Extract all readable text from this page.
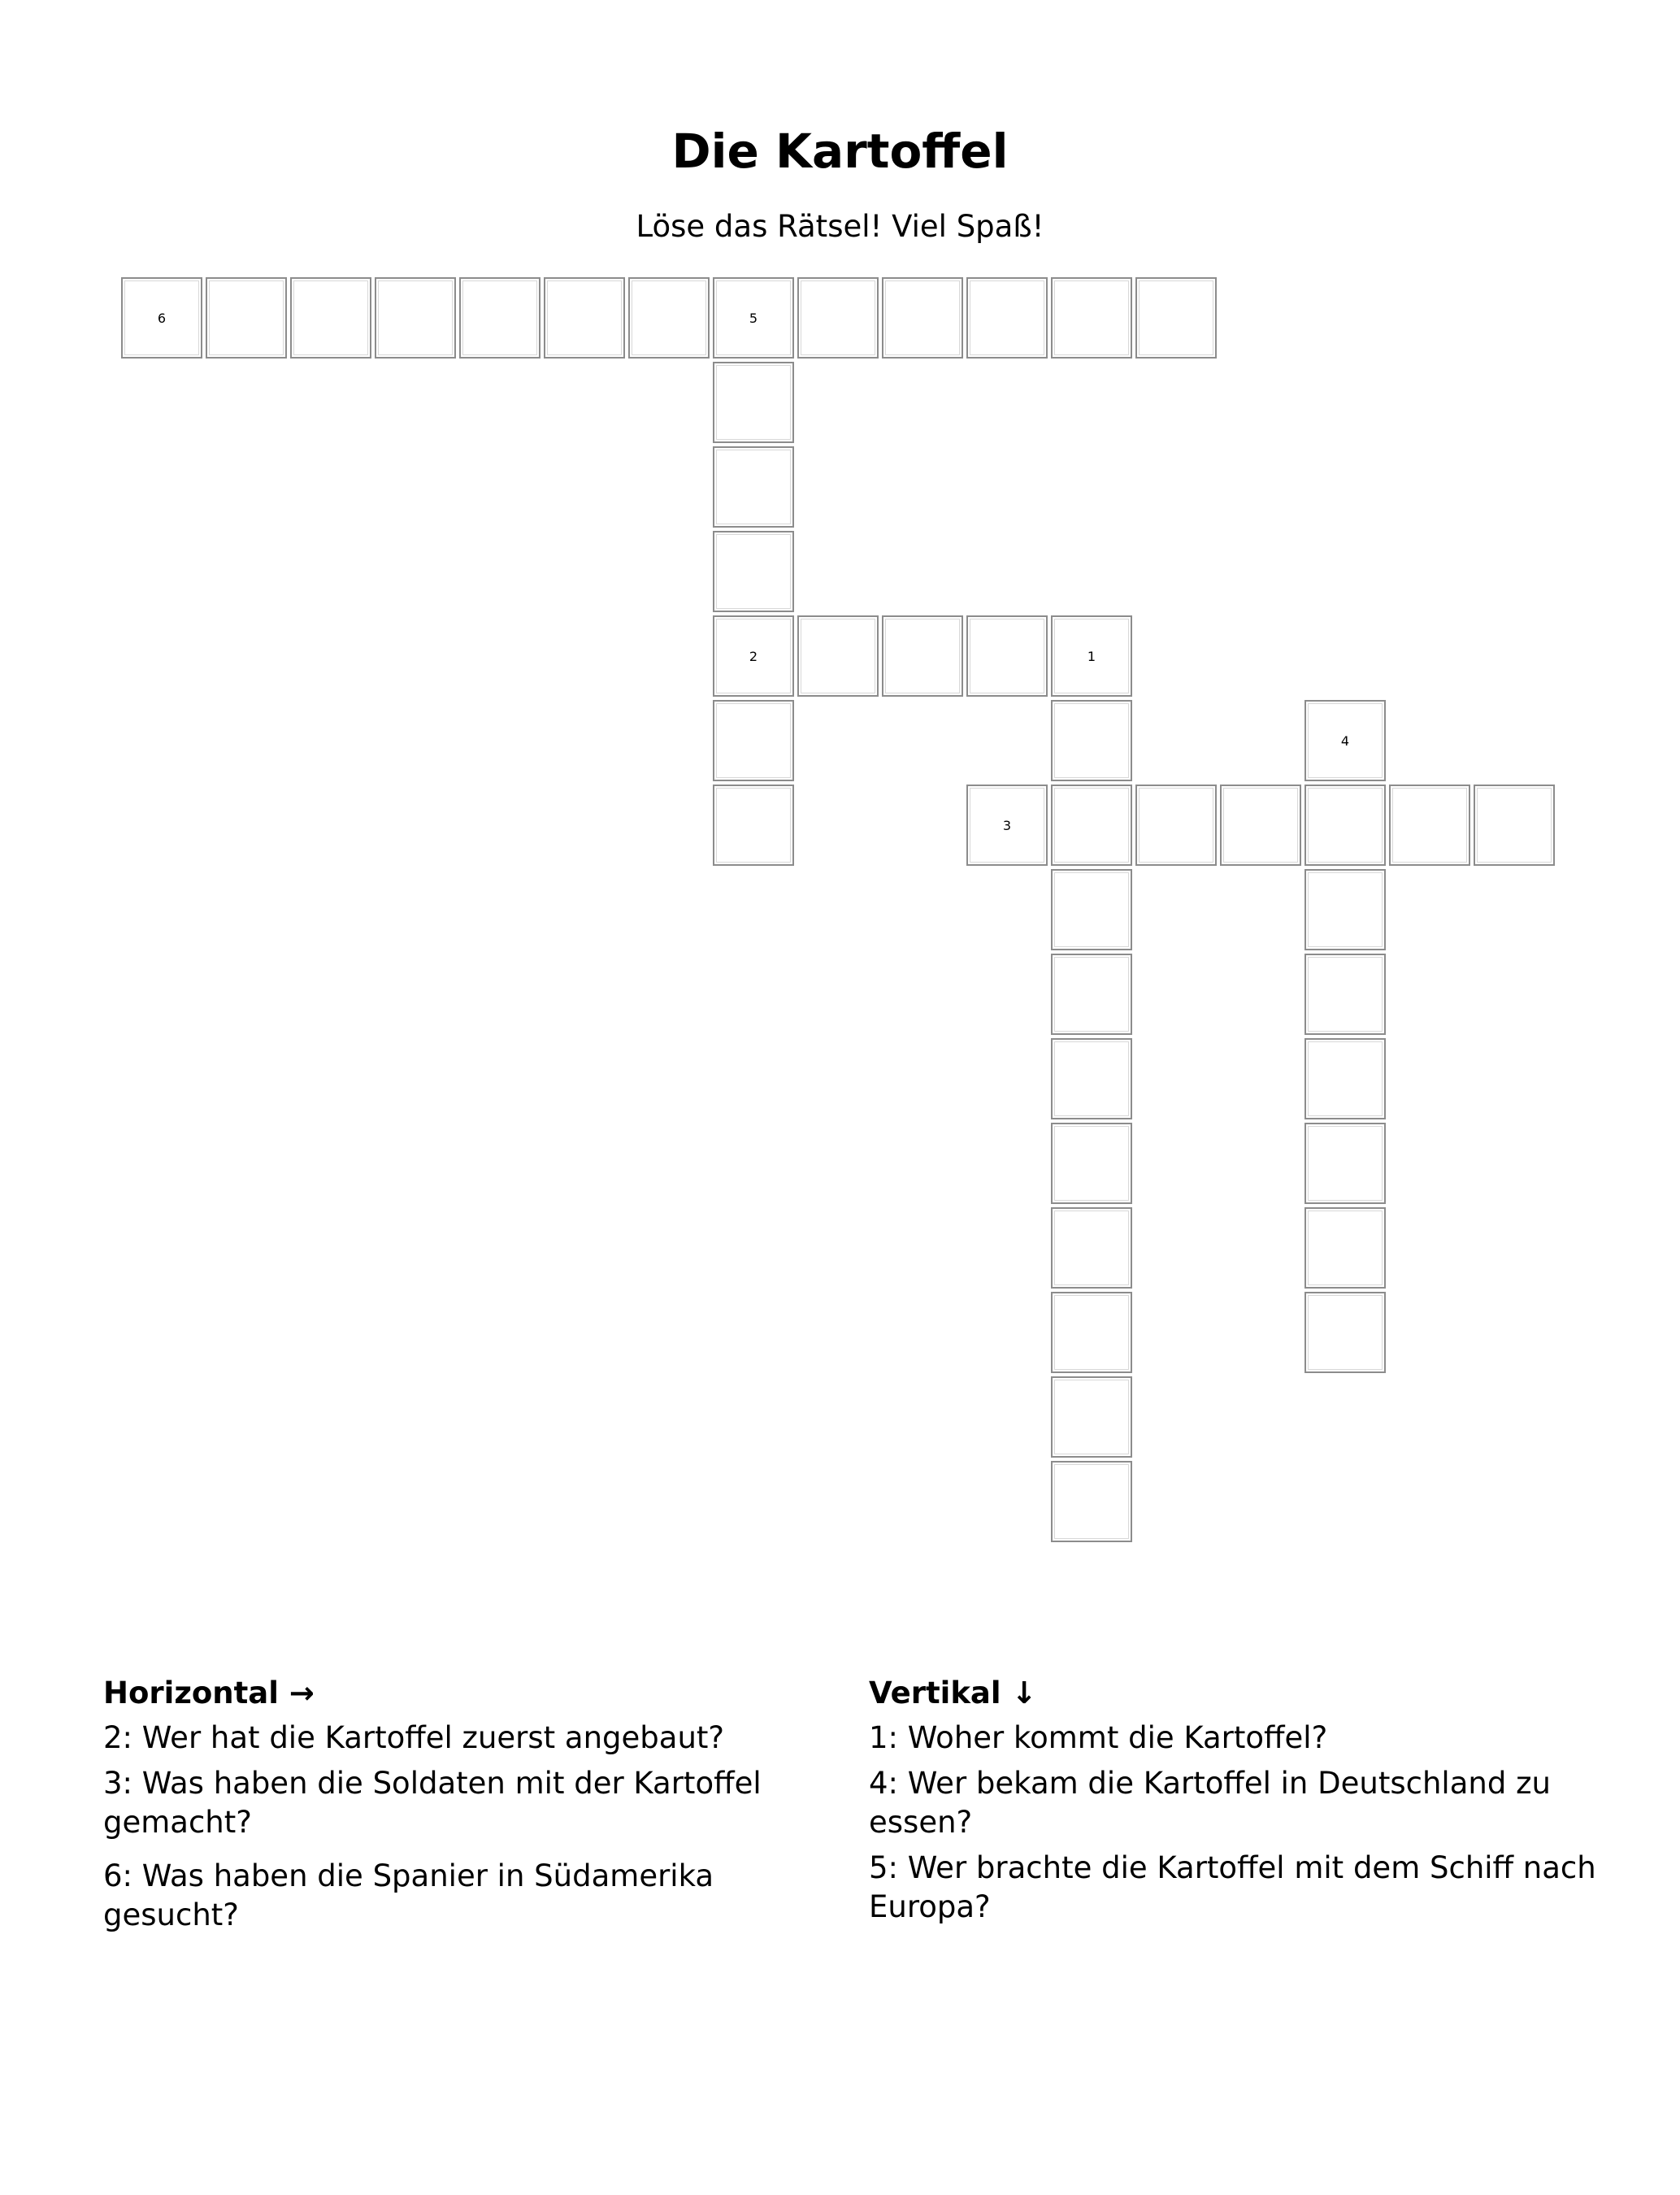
Die Kartoffel
Löse das Rätsel! Viel Spaß!
6	5
2	1
4
3
Horizontal →
2: Wer hat die Kartoffel zuerst angebaut?
3: Was haben die Soldaten mit der Kartoffel gemacht?
6: Was haben die Spanier in Südamerika gesucht?
Vertikal ↓
1: Woher kommt die Kartoffel?
4: Wer bekam die Kartoffel in Deutschland zu essen?
5: Wer brachte die Kartoffel mit dem Schiff nach Europa?
